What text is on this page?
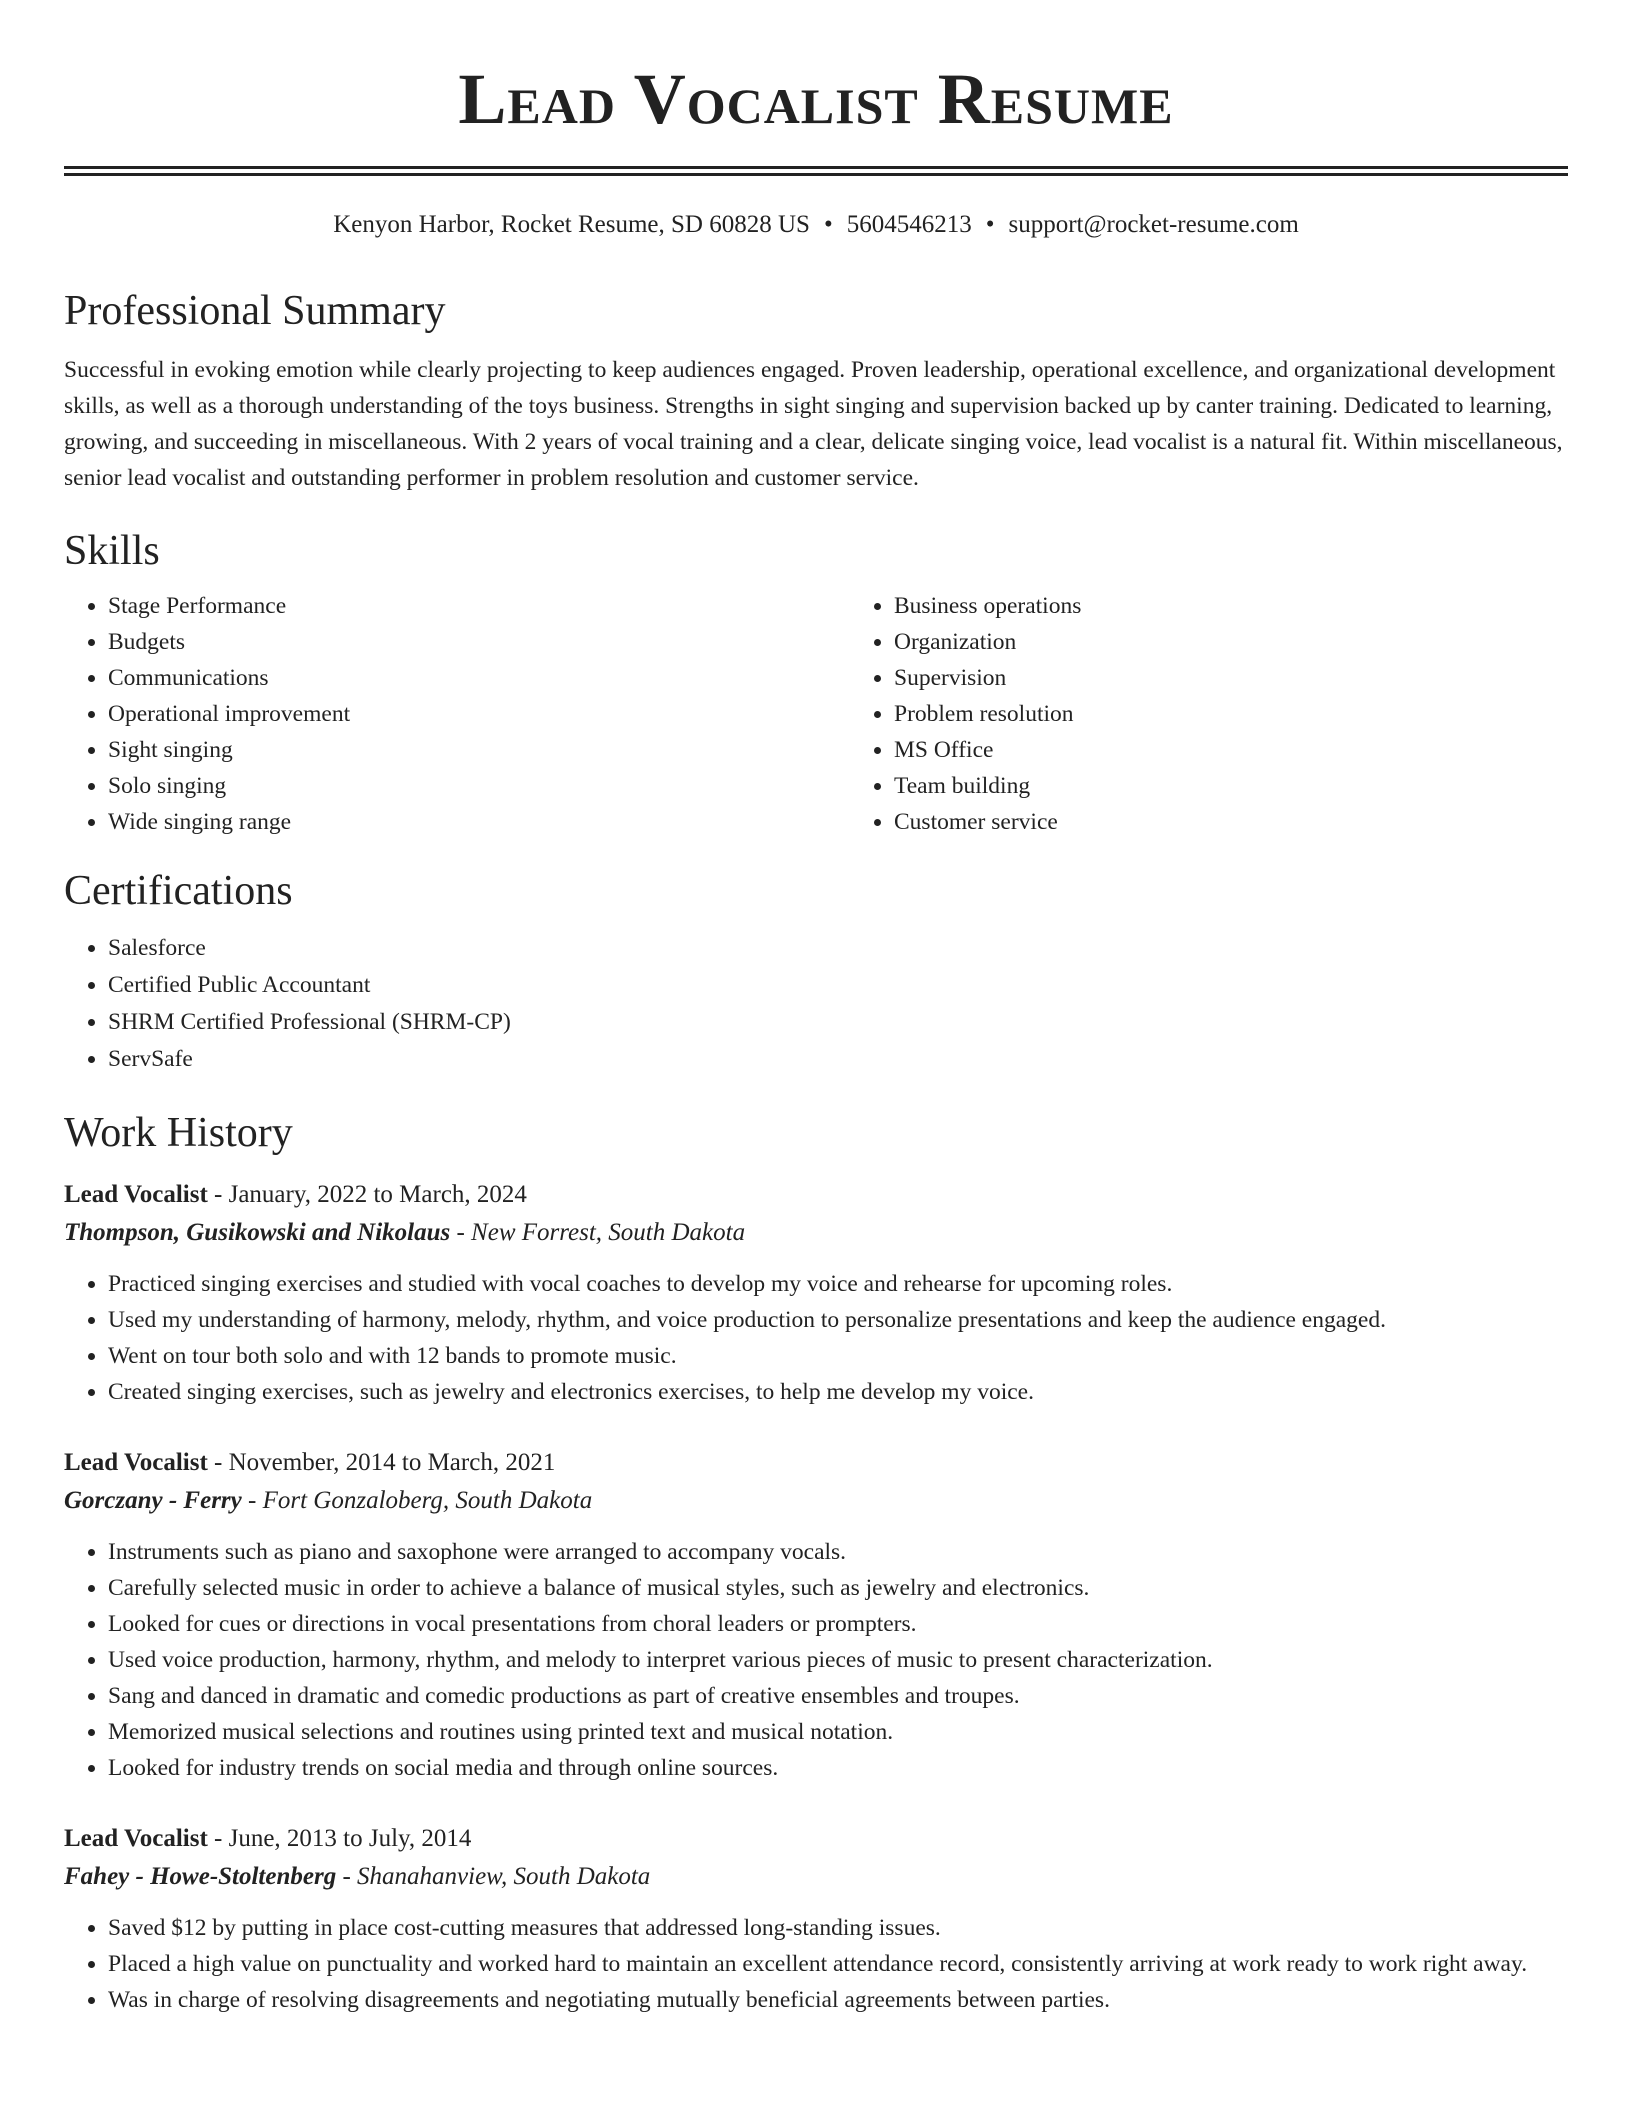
Lead Vocalist Resume
Kenyon Harbor, Rocket Resume, SD 60828 US • 5604546213 • support@rocket-resume.com
Professional Summary

Successful in evoking emotion while clearly projecting to keep audiences engaged. Proven leadership, operational excellence, and organizational development skills, as well as a thorough understanding of the toys business. Strengths in sight singing and supervision backed up by canter training. Dedicated to learning, growing, and succeeding in miscellaneous. With 2 years of vocal training and a clear, delicate singing voice, lead vocalist is a natural fit. Within miscellaneous, senior lead vocalist and outstanding performer in problem resolution and customer service.

Skills
• Stage Performance
• Budgets
• Communications
• Operational improvement
• Sight singing
• Solo singing
• Wide singing range
• Business operations
• Organization
• Supervision
• Problem resolution
• MS Office
• Team building
• Customer service
Certifications
• Salesforce
• Certified Public Accountant
• SHRM Certified Professional (SHRM-CP)
• ServSafe
Work History
Lead Vocalist - January, 2022 to March, 2024
Thompson, Gusikowski and Nikolaus - New Forrest, South Dakota
• Practiced singing exercises and studied with vocal coaches to develop my voice and rehearse for upcoming roles.
• Used my understanding of harmony, melody, rhythm, and voice production to personalize presentations and keep the audience engaged.
• Went on tour both solo and with 12 bands to promote music.
• Created singing exercises, such as jewelry and electronics exercises, to help me develop my voice.
Lead Vocalist - November, 2014 to March, 2021
Gorczany - Ferry - Fort Gonzaloberg, South Dakota
• Instruments such as piano and saxophone were arranged to accompany vocals.
• Carefully selected music in order to achieve a balance of musical styles, such as jewelry and electronics.
• Looked for cues or directions in vocal presentations from choral leaders or prompters.
• Used voice production, harmony, rhythm, and melody to interpret various pieces of music to present characterization.
• Sang and danced in dramatic and comedic productions as part of creative ensembles and troupes.
• Memorized musical selections and routines using printed text and musical notation.
• Looked for industry trends on social media and through online sources.
Lead Vocalist - June, 2013 to July, 2014
Fahey - Howe-Stoltenberg - Shanahanview, South Dakota
• Saved $12 by putting in place cost-cutting measures that addressed long-standing issues.
• Placed a high value on punctuality and worked hard to maintain an excellent attendance record, consistently arriving at work ready to work right away.
• Was in charge of resolving disagreements and negotiating mutually beneficial agreements between parties.
